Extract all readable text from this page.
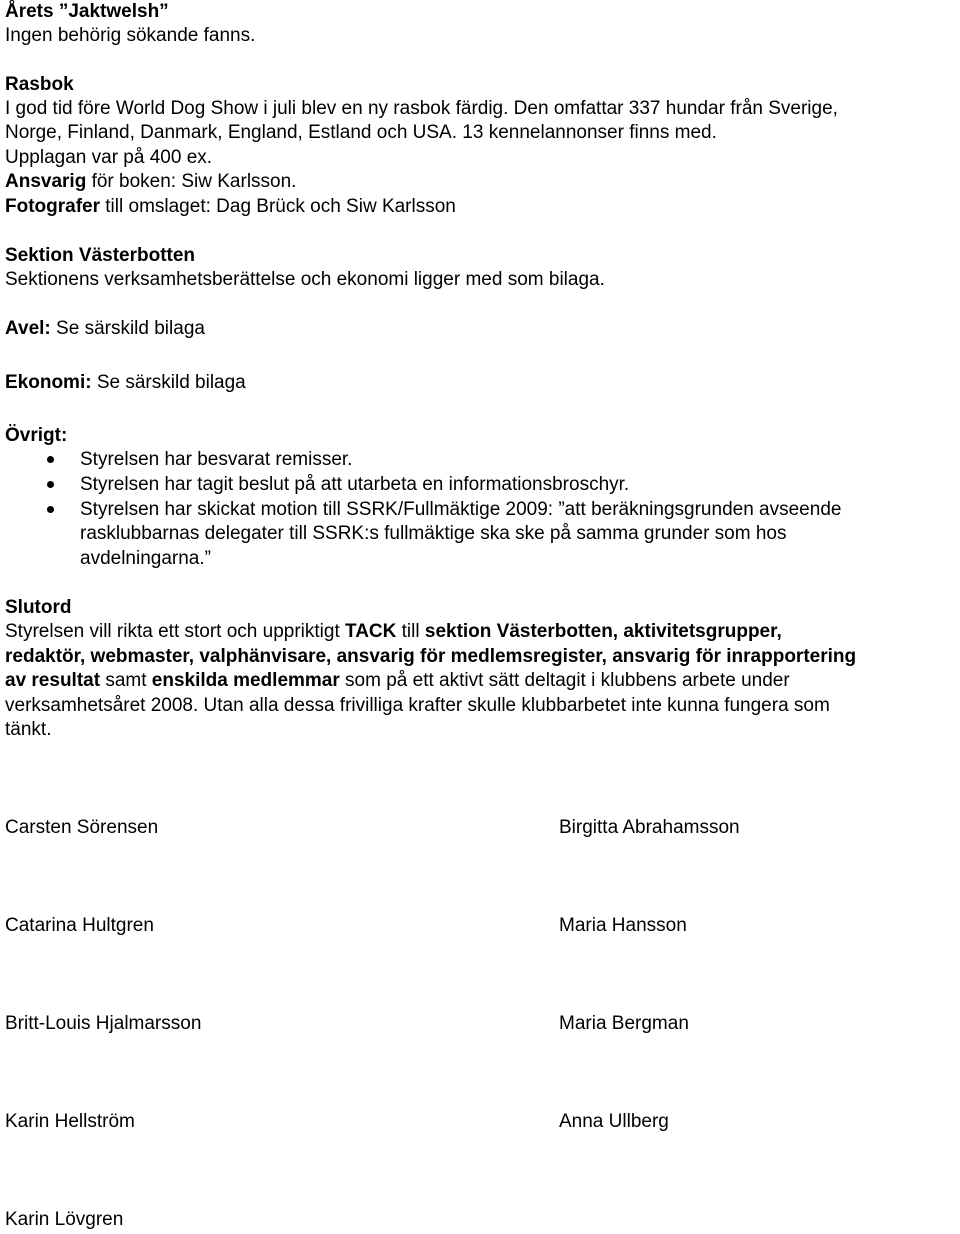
Årets ”Jaktwelsh”
Ingen behörig sökande fanns.
Rasbok
I god tid före World Dog Show i juli blev en ny rasbok färdig. Den omfattar 337 hundar från Sverige,
Norge, Finland, Danmark, England, Estland och USA. 13 kennelannonser finns med.
Upplagan var på 400 ex.
Ansvarig för boken: Siw Karlsson.
Fotografer till omslaget: Dag Brück och Siw Karlsson
Sektion Västerbotten
Sektionens verksamhetsberättelse och ekonomi ligger med som bilaga.
Avel: Se särskild bilaga
Ekonomi: Se särskild bilaga
Övrigt:
Styrelsen har besvarat remisser.
Styrelsen har tagit beslut på att utarbeta en informationsbroschyr.
Styrelsen har skickat motion till SSRK/Fullmäktige 2009: ”att beräkningsgrunden avseende
rasklubbarnas delegater till SSRK:s fullmäktige ska ske på samma grunder som hos
avdelningarna.”
Slutord
Styrelsen vill rikta ett stort och uppriktigt TACK till sektion Västerbotten, aktivitetsgrupper,
redaktör, webmaster, valphänvisare, ansvarig för medlemsregister, ansvarig för inrapportering
av resultat samt enskilda medlemmar som på ett aktivt sätt deltagit i klubbens arbete under
verksamhetsåret 2008. Utan alla dessa frivilliga krafter skulle klubbarbetet inte kunna fungera som
tänkt.
Carsten Sörensen	Birgitta Abrahamsson
Catarina Hultgren	Maria Hansson
Britt-Louis Hjalmarsson	Maria Bergman
Karin Hellström	Anna Ullberg
Karin Lövgren
